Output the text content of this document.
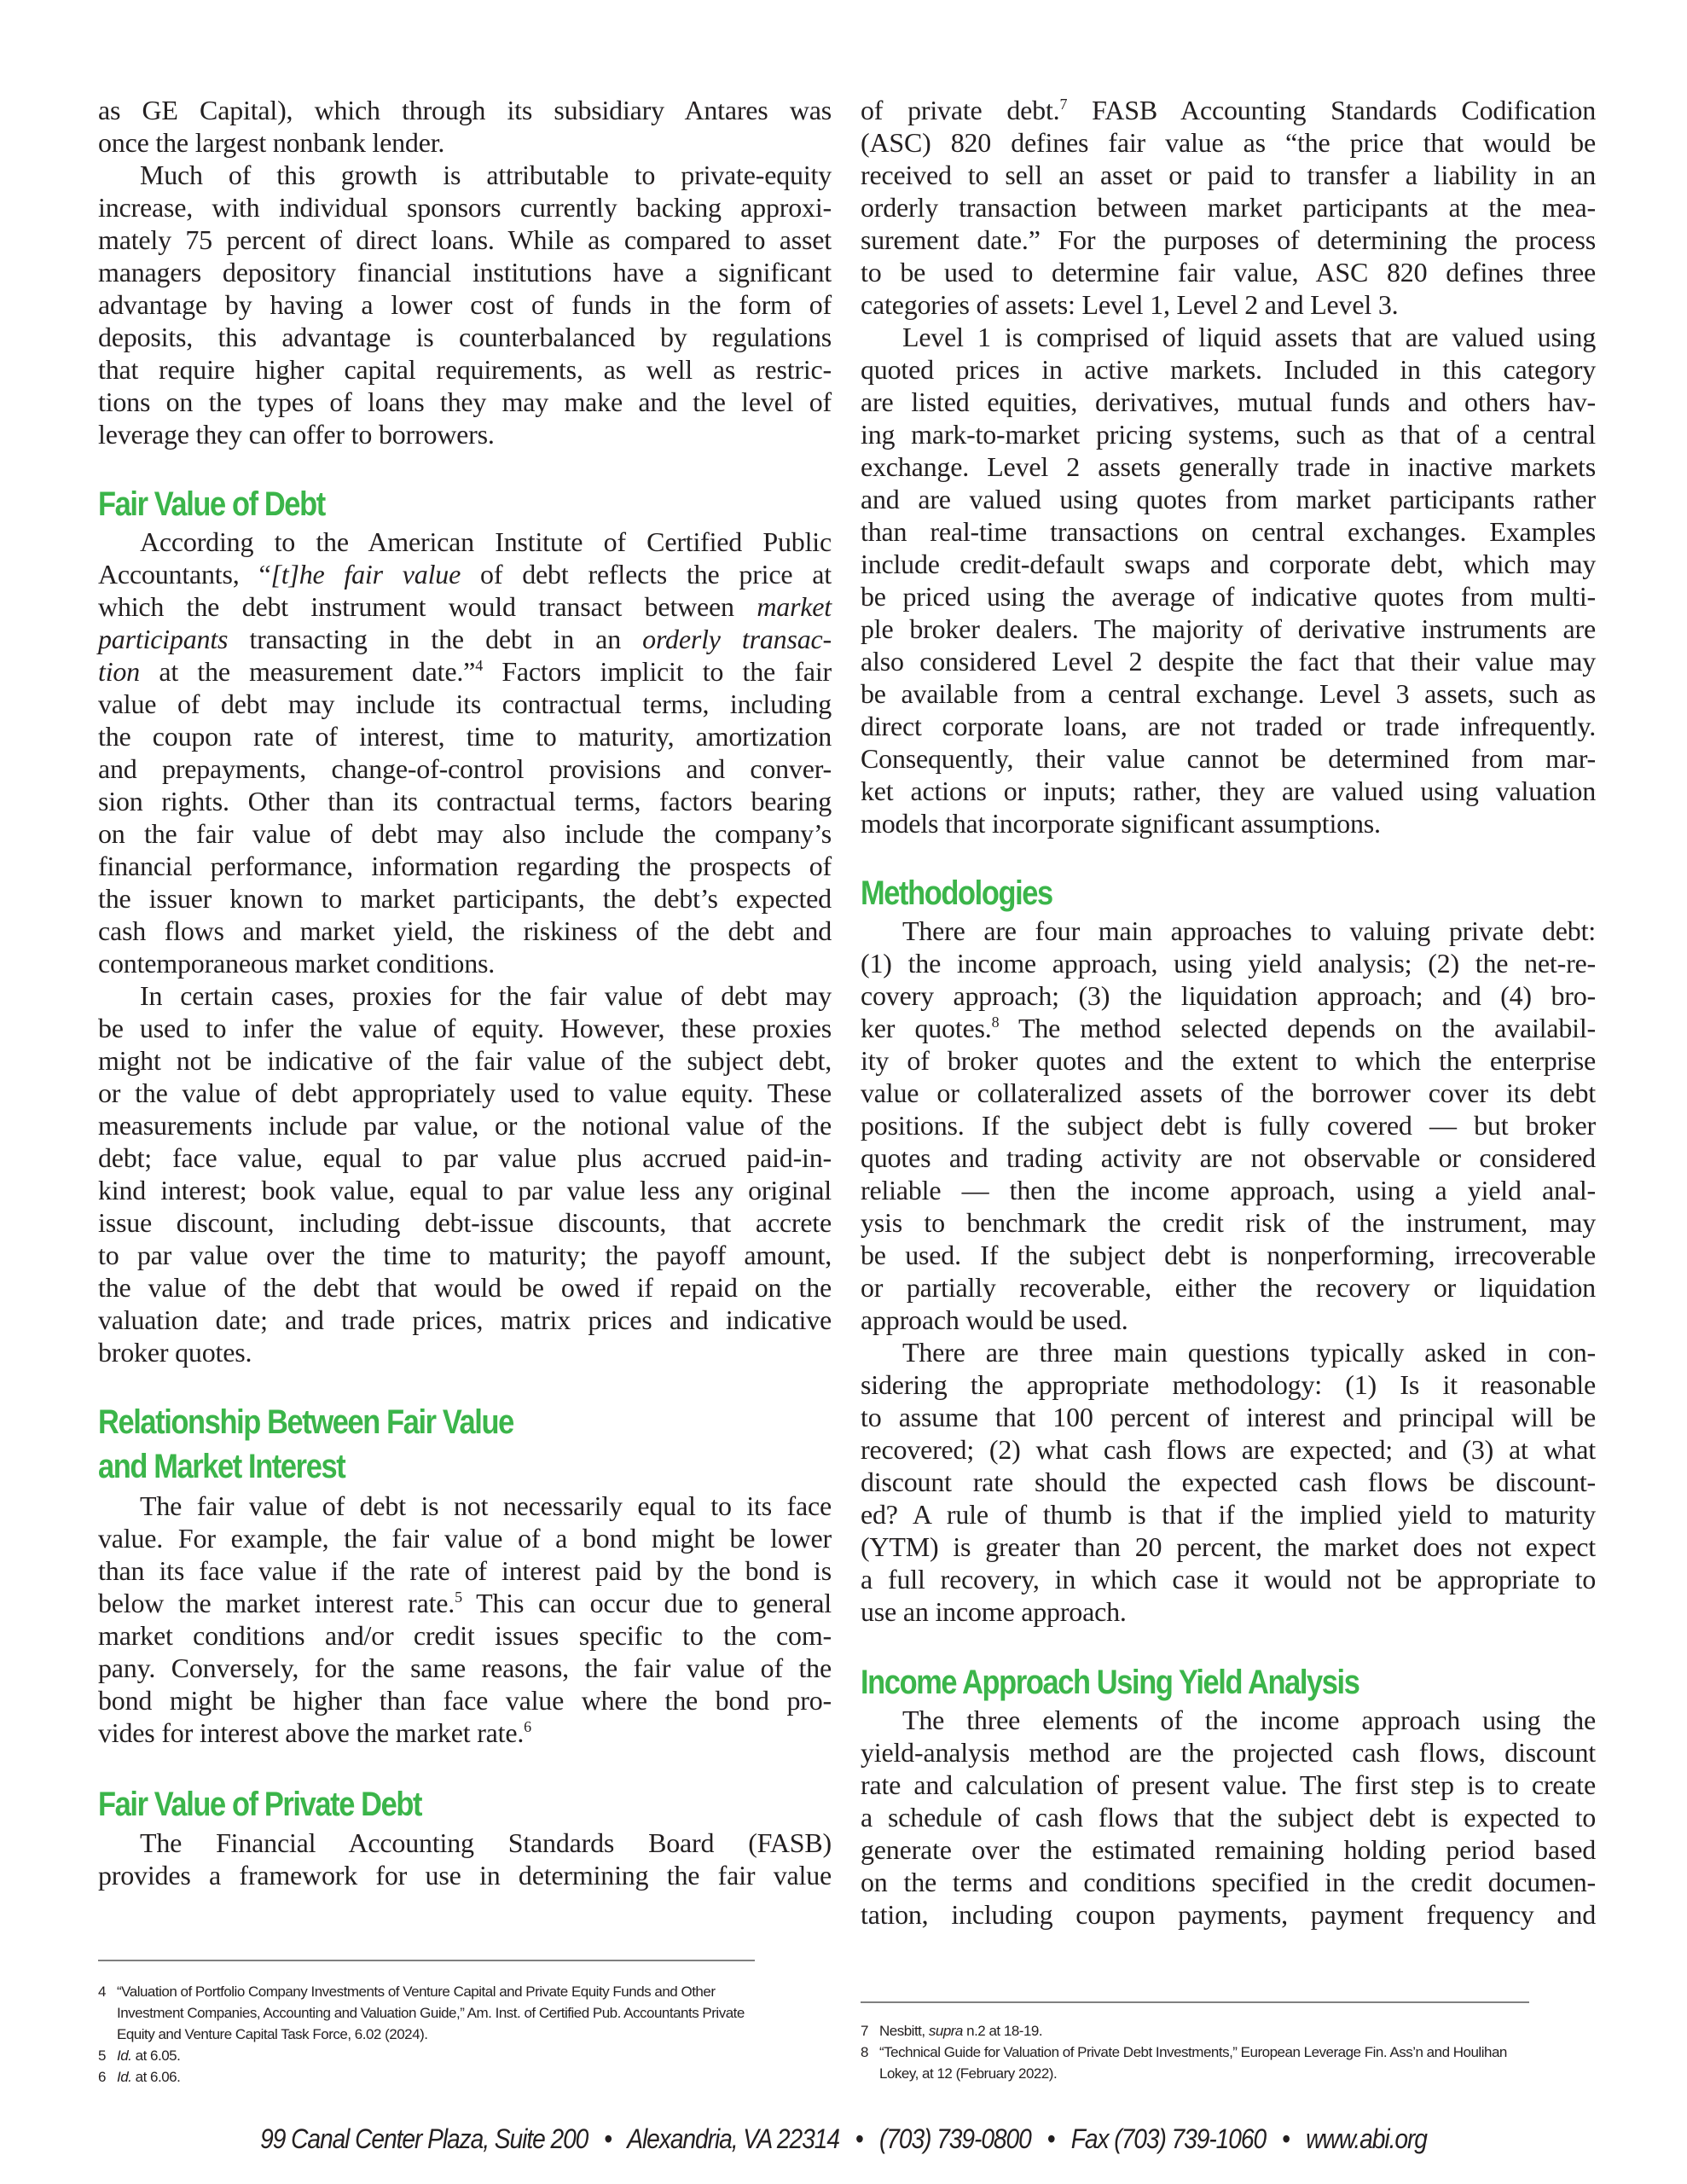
as GE Capital), which through its subsidiary Antares was
once the largest nonbank lender.
Much of this growth is attributable to private-equity
increase, with individual sponsors currently backing approxi-
mately 75 percent of direct loans. While as compared to asset
managers depository financial institutions have a significant
advantage by having a lower cost of funds in the form of
deposits, this advantage is counterbalanced by regulations
that require higher capital requirements, as well as restric-
tions on the types of loans they may make and the level of
leverage they can offer to borrowers.
Fair Value of Debt
According to the American Institute of Certified Public
Accountants, “[t]he fair value of debt reflects the price at
which the debt instrument would transact between market
participants transacting in the debt in an orderly transac-
tion at the measurement date.”$^4$ Factors implicit to the fair
value of debt may include its contractual terms, including
the coupon rate of interest, time to maturity, amortization
and prepayments, change-of-control provisions and conver-
sion rights. Other than its contractual terms, factors bearing
on the fair value of debt may also include the company’s
financial performance, information regarding the prospects of
the issuer known to market participants, the debt’s expected
cash flows and market yield, the riskiness of the debt and
contemporaneous market conditions.
In certain cases, proxies for the fair value of debt may
be used to infer the value of equity. However, these proxies
might not be indicative of the fair value of the subject debt,
or the value of debt appropriately used to value equity. These
measurements include par value, or the notional value of the
debt; face value, equal to par value plus accrued paid-in-
kind interest; book value, equal to par value less any original
issue discount, including debt-issue discounts, that accrete
to par value over the time to maturity; the payoff amount,
the value of the debt that would be owed if repaid on the
valuation date; and trade prices, matrix prices and indicative
broker quotes.
Relationship Between Fair Value
and Market Interest
The fair value of debt is not necessarily equal to its face
value. For example, the fair value of a bond might be lower
than its face value if the rate of interest paid by the bond is
below the market interest rate.$^5$ This can occur due to general
market conditions and/or credit issues specific to the com-
pany. Conversely, for the same reasons, the fair value of the
bond might be higher than face value where the bond pro-
vides for interest above the market rate.$^6$
Fair Value of Private Debt
The Financial Accounting Standards Board (FASB)
provides a framework for use in determining the fair value
4 “Valuation of Portfolio Company Investments of Venture Capital and Private Equity Funds and Other
Investment Companies, Accounting and Valuation Guide,” Am. Inst. of Certified Pub. Accountants Private
Equity and Venture Capital Task Force, 6.02 (2024).
5 Id. at 6.05.
6 Id. at 6.06.
of private debt.$^7$ FASB Accounting Standards Codification
(ASC) 820 defines fair value as “the price that would be
received to sell an asset or paid to transfer a liability in an
orderly transaction between market participants at the mea-
surement date.” For the purposes of determining the process
to be used to determine fair value, ASC 820 defines three
categories of assets: Level 1, Level 2 and Level 3.
Level 1 is comprised of liquid assets that are valued using
quoted prices in active markets. Included in this category
are listed equities, derivatives, mutual funds and others hav-
ing mark-to-market pricing systems, such as that of a central
exchange. Level 2 assets generally trade in inactive markets
and are valued using quotes from market participants rather
than real-time transactions on central exchanges. Examples
include credit-default swaps and corporate debt, which may
be priced using the average of indicative quotes from multi-
ple broker dealers. The majority of derivative instruments are
also considered Level 2 despite the fact that their value may
be available from a central exchange. Level 3 assets, such as
direct corporate loans, are not traded or trade infrequently.
Consequently, their value cannot be determined from mar-
ket actions or inputs; rather, they are valued using valuation
models that incorporate significant assumptions.
Methodologies
There are four main approaches to valuing private debt:
(1) the income approach, using yield analysis; (2) the net-re-
covery approach; (3) the liquidation approach; and (4) bro-
ker quotes.$^8$ The method selected depends on the availabil-
ity of broker quotes and the extent to which the enterprise
value or collateralized assets of the borrower cover its debt
positions. If the subject debt is fully covered — but broker
quotes and trading activity are not observable or considered
reliable — then the income approach, using a yield anal-
ysis to benchmark the credit risk of the instrument, may
be used. If the subject debt is nonperforming, irrecoverable
or partially recoverable, either the recovery or liquidation
approach would be used.
There are three main questions typically asked in con-
sidering the appropriate methodology: (1) Is it reasonable
to assume that 100 percent of interest and principal will be
recovered; (2) what cash flows are expected; and (3) at what
discount rate should the expected cash flows be discount-
ed? A rule of thumb is that if the implied yield to maturity
(YTM) is greater than 20 percent, the market does not expect
a full recovery, in which case it would not be appropriate to
use an income approach.
Income Approach Using Yield Analysis
The three elements of the income approach using the
yield-analysis method are the projected cash flows, discount
rate and calculation of present value. The first step is to create
a schedule of cash flows that the subject debt is expected to
generate over the estimated remaining holding period based
on the terms and conditions specified in the credit documen-
tation, including coupon payments, payment frequency and
7 Nesbitt, supra n.2 at 18-19.
8 “Technical Guide for Valuation of Private Debt Investments,” European Leverage Fin. Ass’n and Houlihan
Lokey, at 12 (February 2022).
99 Canal Center Plaza, Suite 200 • Alexandria, VA 22314 • (703) 739-0800 • Fax (703) 739-1060 • www.abi.org
